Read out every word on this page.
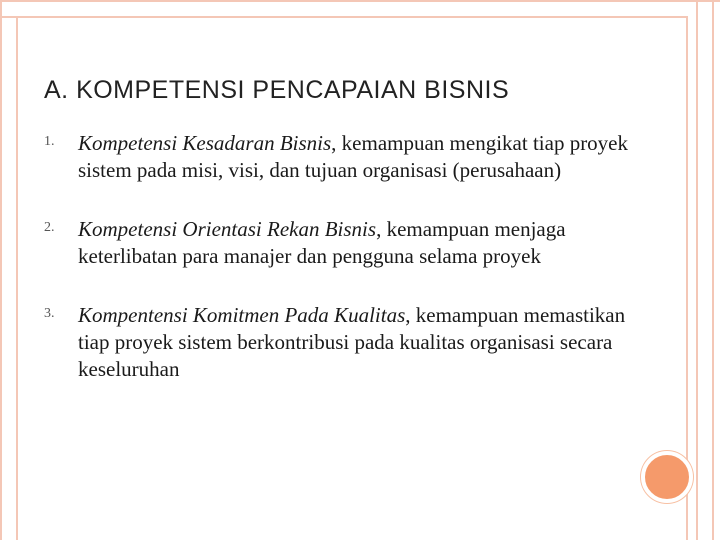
A. KOMPETENSI PENCAPAIAN BISNIS
1.	Kompetensi Kesadaran Bisnis, kemampuan mengikat tiap proyek sistem pada misi, visi, dan tujuan organisasi (perusahaan)
2.	Kompetensi Orientasi Rekan Bisnis, kemampuan menjaga keterlibatan para manajer dan pengguna selama proyek
3.	Kompentensi Komitmen Pada Kualitas, kemampuan memastikan tiap proyek sistem berkontribusi pada kualitas organisasi secara keseluruhan
